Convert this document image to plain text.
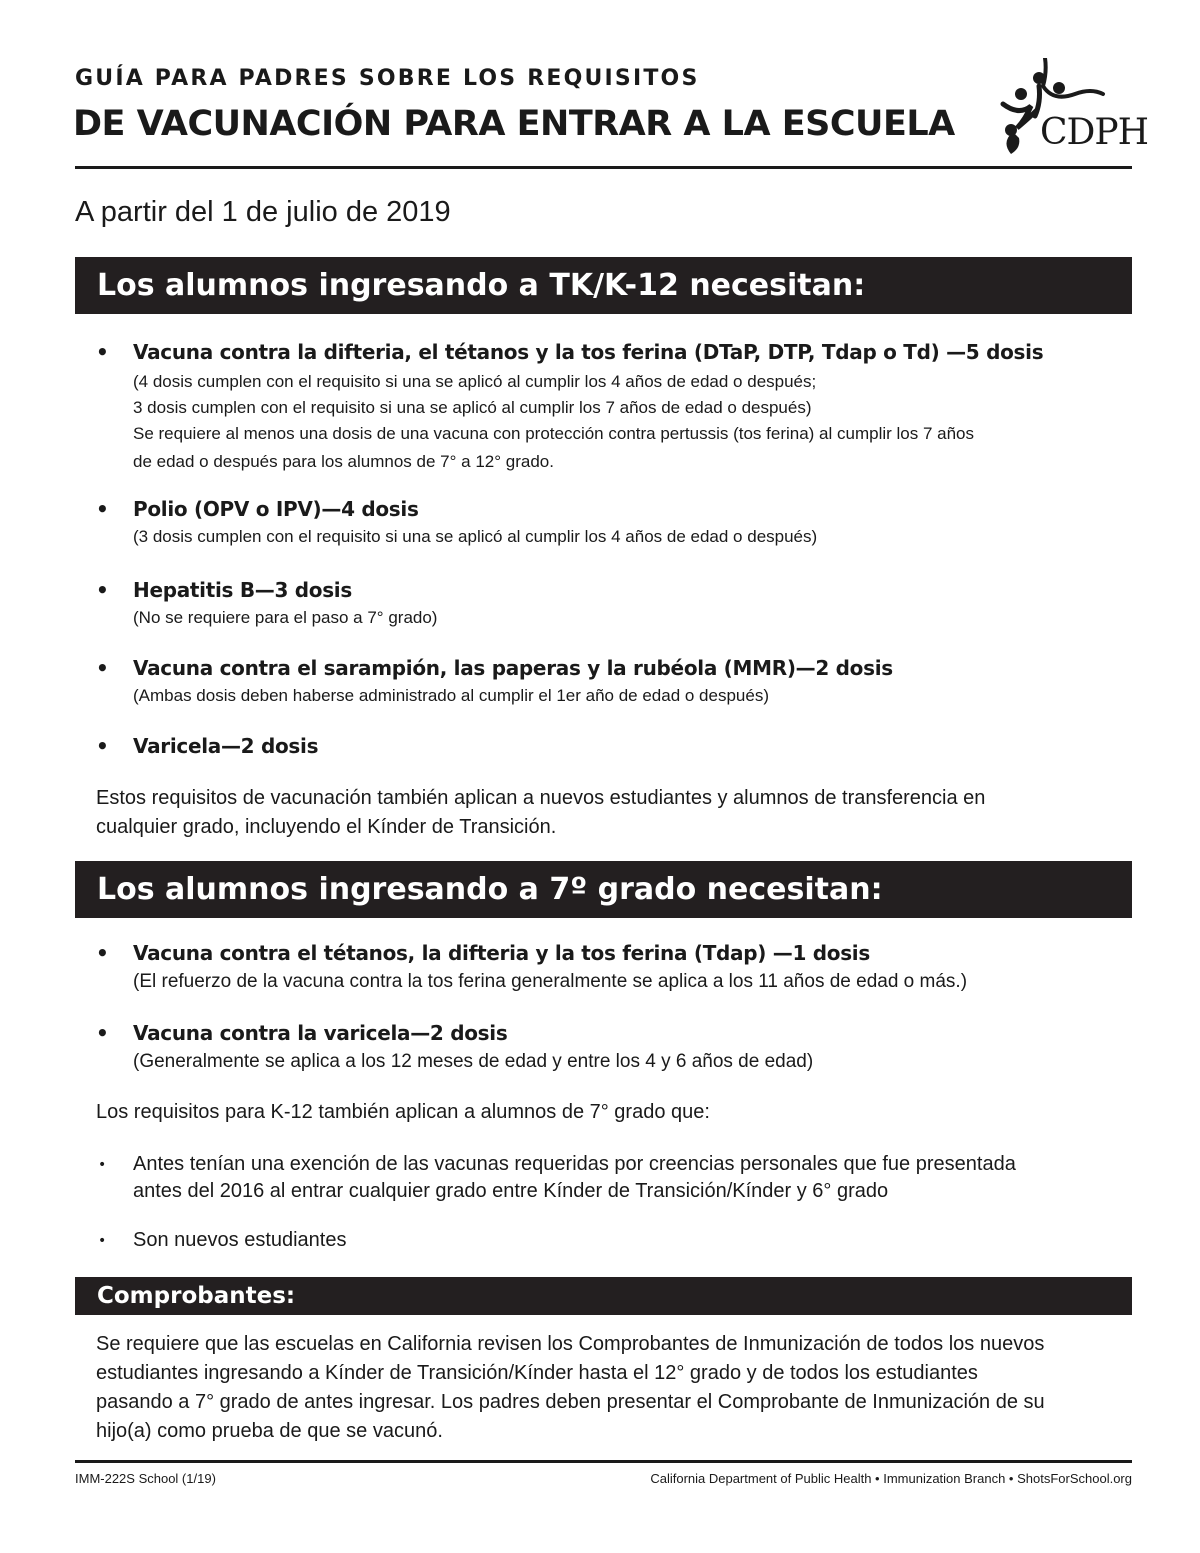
GUÍA PARA PADRES SOBRE LOS REQUISITOS
DE VACUNACIÓN PARA ENTRAR A LA ESCUELA CDPH
A partir del 1 de julio de 2019
Los alumnos ingresando a TK/K-12 necesitan:
• Vacuna contra la difteria, el tétanos y la tos ferina (DTaP, DTP, Tdap o Td) —5 dosis
(4 dosis cumplen con el requisito si una se aplicó al cumplir los 4 años de edad o después;
3 dosis cumplen con el requisito si una se aplicó al cumplir los 7 años de edad o después)
Se requiere al menos una dosis de una vacuna con protección contra pertussis (tos ferina) al cumplir los 7 años
de edad o después para los alumnos de 7° a 12° grado.
• Polio (OPV o IPV)—4 dosis
(3 dosis cumplen con el requisito si una se aplicó al cumplir los 4 años de edad o después)
• Hepatitis B—3 dosis
(No se requiere para el paso a 7° grado)
• Vacuna contra el sarampión, las paperas y la rubéola (MMR)—2 dosis
(Ambas dosis deben haberse administrado al cumplir el 1er año de edad o después)
• Varicela—2 dosis
Estos requisitos de vacunación también aplican a nuevos estudiantes y alumnos de transferencia en
cualquier grado, incluyendo el Kínder de Transición.
Los alumnos ingresando a 7º grado necesitan:
• Vacuna contra el tétanos, la difteria y la tos ferina (Tdap) —1 dosis
(El refuerzo de la vacuna contra la tos ferina generalmente se aplica a los 11 años de edad o más.)
• Vacuna contra la varicela—2 dosis
(Generalmente se aplica a los 12 meses de edad y entre los 4 y 6 años de edad)
Los requisitos para K-12 también aplican a alumnos de 7° grado que:
• Antes tenían una exención de las vacunas requeridas por creencias personales que fue presentada
antes del 2016 al entrar cualquier grado entre Kínder de Transición/Kínder y 6° grado
• Son nuevos estudiantes
Comprobantes:
Se requiere que las escuelas en California revisen los Comprobantes de Inmunización de todos los nuevos
estudiantes ingresando a Kínder de Transición/Kínder hasta el 12° grado y de todos los estudiantes
pasando a 7° grado de antes ingresar. Los padres deben presentar el Comprobante de Inmunización de su
hijo(a) como prueba de que se vacunó.
IMM-222S School (1/19)	California Department of Public Health • Immunization Branch • ShotsForSchool.org
